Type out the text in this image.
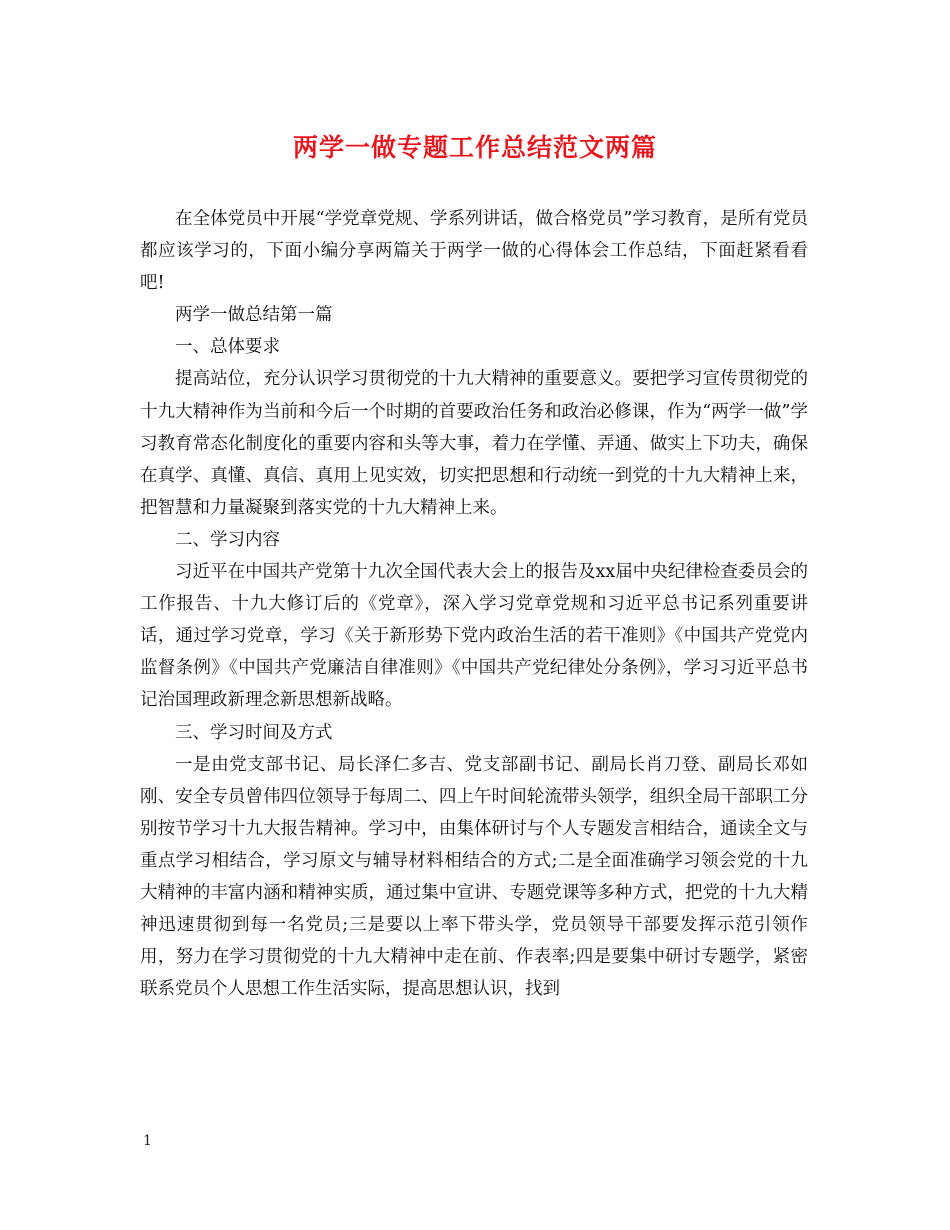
两学一做专题工作总结范文两篇

在全体党员中开展“学党章党规、学系列讲话，做合格党员”学习教育，是所有党员都应该学习的，下面小编分享两篇关于两学一做的心得体会工作总结，下面赶紧看看吧!

两学一做总结第一篇

一、总体要求

提高站位，充分认识学习贯彻党的十九大精神的重要意义。要把学习宣传贯彻党的十九大精神作为当前和今后一个时期的首要政治任务和政治必修课，作为“两学一做”学习教育常态化制度化的重要内容和头等大事，着力在学懂、弄通、做实上下功夫，确保在真学、真懂、真信、真用上见实效，切实把思想和行动统一到党的十九大精神上来，把智慧和力量凝聚到落实党的十九大精神上来。

二、学习内容

习近平在中国共产党第十九次全国代表大会上的报告及xx届中央纪律检查委员会的工作报告、十九大修订后的《党章》，深入学习党章党规和习近平总书记系列重要讲话，通过学习党章，学习《关于新形势下党内政治生活的若干准则》《中国共产党党内监督条例》《中国共产党廉洁自律准则》《中国共产党纪律处分条例》，学习习近平总书记治国理政新理念新思想新战略。

三、学习时间及方式

一是由党支部书记、局长泽仁多吉、党支部副书记、副局长肖刀登、副局长邓如刚、安全专员曾伟四位领导于每周二、四上午时间轮流带头领学，组织全局干部职工分别按节学习十九大报告精神。学习中，由集体研讨与个人专题发言相结合，通读全文与重点学习相结合，学习原文与辅导材料相结合的方式;二是全面准确学习领会党的十九大精神的丰富内涵和精神实质，通过集中宣讲、专题党课等多种方式，把党的十九大精神迅速贯彻到每一名党员;三是要以上率下带头学，党员领导干部要发挥示范引领作用，努力在学习贯彻党的十九大精神中走在前、作表率;四是要集中研讨专题学，紧密联系党员个人思想工作生活实际，提高思想认识，找到

1
